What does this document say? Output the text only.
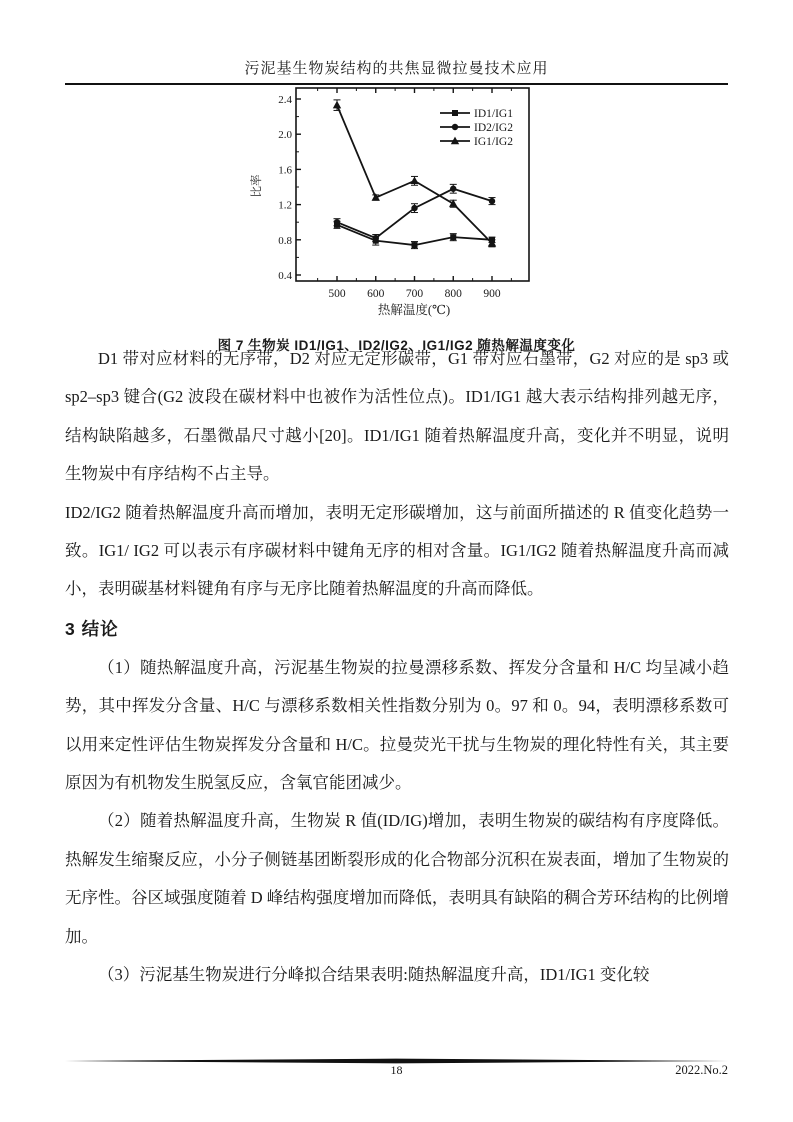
污泥基生物炭结构的共焦显微拉曼技术应用
0.4
0.8
1.2
1.6
2.0
2.4
500 600 700 800 900
热解温度(℃)
比率
ID1/IG1
ID2/IG2
IG1/IG2
图 7 生物炭 ID1/IG1、ID2/IG2、IG1/IG2 随热解温度变化

D1 带对应材料的无序带，D2 对应无定形碳带，G1 带对应石墨带，G2 对应的是 sp3 或 sp2–sp3 键合(G2 波段在碳材料中也被作为活性位点)。ID1/IG1 越大表示结构排列越无序，结构缺陷越多，石墨微晶尺寸越小[20]。ID1/IG1 随着热解温度升高，变化并不明显，说明生物炭中有序结构不占主导。

ID2/IG2 随着热解温度升高而增加，表明无定形碳增加，这与前面所描述的 R 值变化趋势一致。IG1/ IG2 可以表示有序碳材料中键角无序的相对含量。IG1/IG2 随着热解温度升高而减小，表明碳基材料键角有序与无序比随着热解温度的升高而降低。

3 结论

（1）随热解温度升高，污泥基生物炭的拉曼漂移系数、挥发分含量和 H/C 均呈减小趋势，其中挥发分含量、H/C 与漂移系数相关性指数分别为 0。97 和 0。94，表明漂移系数可以用来定性评估生物炭挥发分含量和 H/C。拉曼荧光干扰与生物炭的理化特性有关，其主要原因为有机物发生脱氢反应，含氧官能团减少。

（2）随着热解温度升高，生物炭 R 值(ID/IG)增加，表明生物炭的碳结构有序度降低。热解发生缩聚反应，小分子侧链基团断裂形成的化合物部分沉积在炭表面，增加了生物炭的无序性。谷区域强度随着 D 峰结构强度增加而降低，表明具有缺陷的稠合芳环结构的比例增加。

（3）污泥基生物炭进行分峰拟合结果表明:随热解温度升高，ID1/IG1 变化较

18	2022.No.2
